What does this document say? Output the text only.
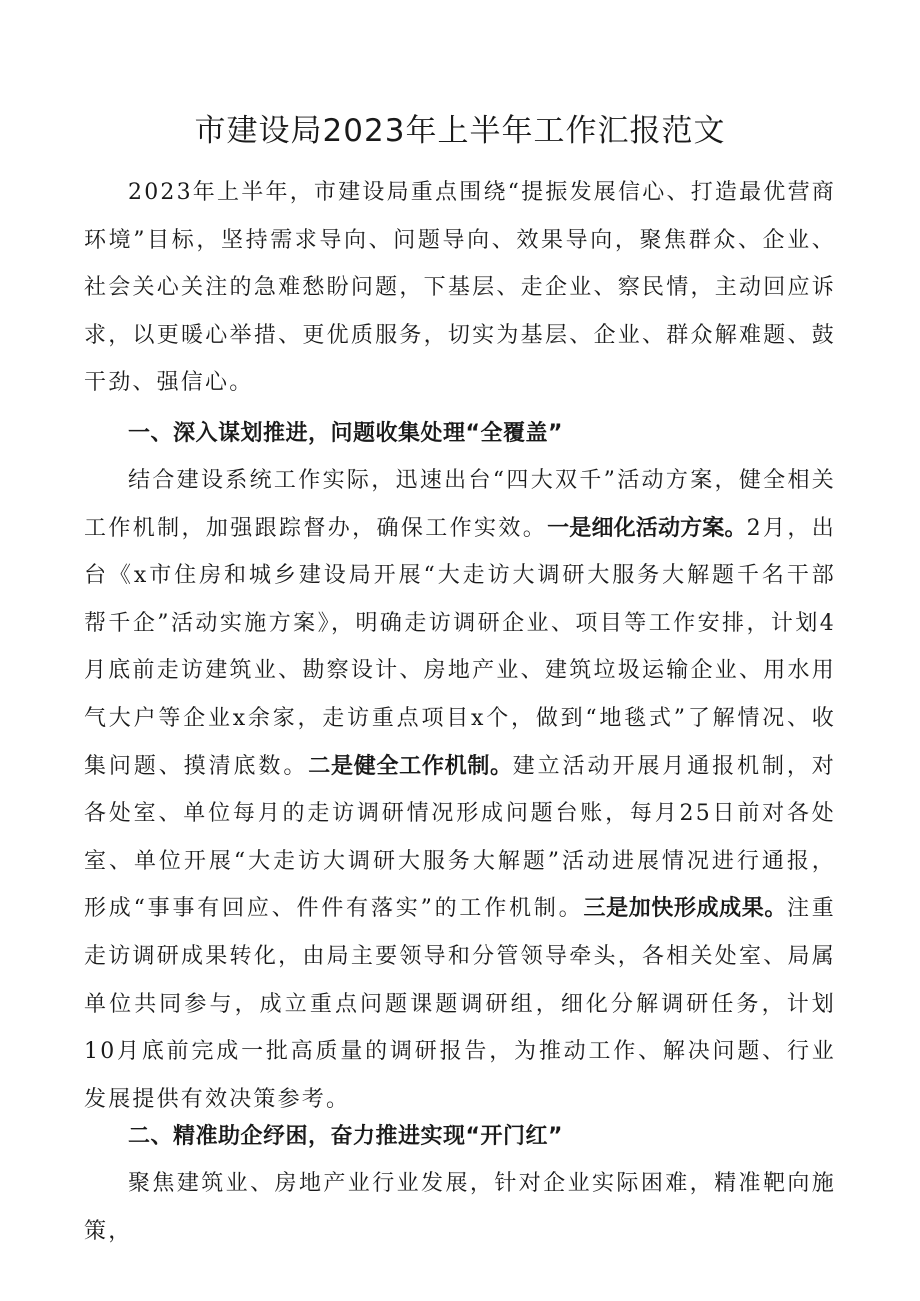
市建设局2023年上半年工作汇报范文

2023年上半年，市建设局重点围绕“提振发展信心、打造最优营商环境”目标，坚持需求导向、问题导向、效果导向，聚焦群众、企业、社会关心关注的急难愁盼问题，下基层、走企业、察民情，主动回应诉求，以更暖心举措、更优质服务，切实为基层、企业、群众解难题、鼓干劲、强信心。

一、深入谋划推进，问题收集处理“全覆盖”

结合建设系统工作实际，迅速出台“四大双千”活动方案，健全相关工作机制，加强跟踪督办，确保工作实效。一是细化活动方案。2月，出台《x市住房和城乡建设局开展“大走访大调研大服务大解题千名干部帮千企”活动实施方案》，明确走访调研企业、项目等工作安排，计划4月底前走访建筑业、勘察设计、房地产业、建筑垃圾运输企业、用水用气大户等企业x余家，走访重点项目x个，做到“地毯式”了解情况、收集问题、摸清底数。二是健全工作机制。建立活动开展月通报机制，对各处室、单位每月的走访调研情况形成问题台账，每月25日前对各处室、单位开展“大走访大调研大服务大解题”活动进展情况进行通报，形成“事事有回应、件件有落实”的工作机制。三是加快形成成果。注重走访调研成果转化，由局主要领导和分管领导牵头，各相关处室、局属单位共同参与，成立重点问题课题调研组，细化分解调研任务，计划10月底前完成一批高质量的调研报告，为推动工作、解决问题、行业发展提供有效决策参考。

二、精准助企纾困，奋力推进实现“开门红”

聚焦建筑业、房地产业行业发展，针对企业实际困难，精准靶向施策，
